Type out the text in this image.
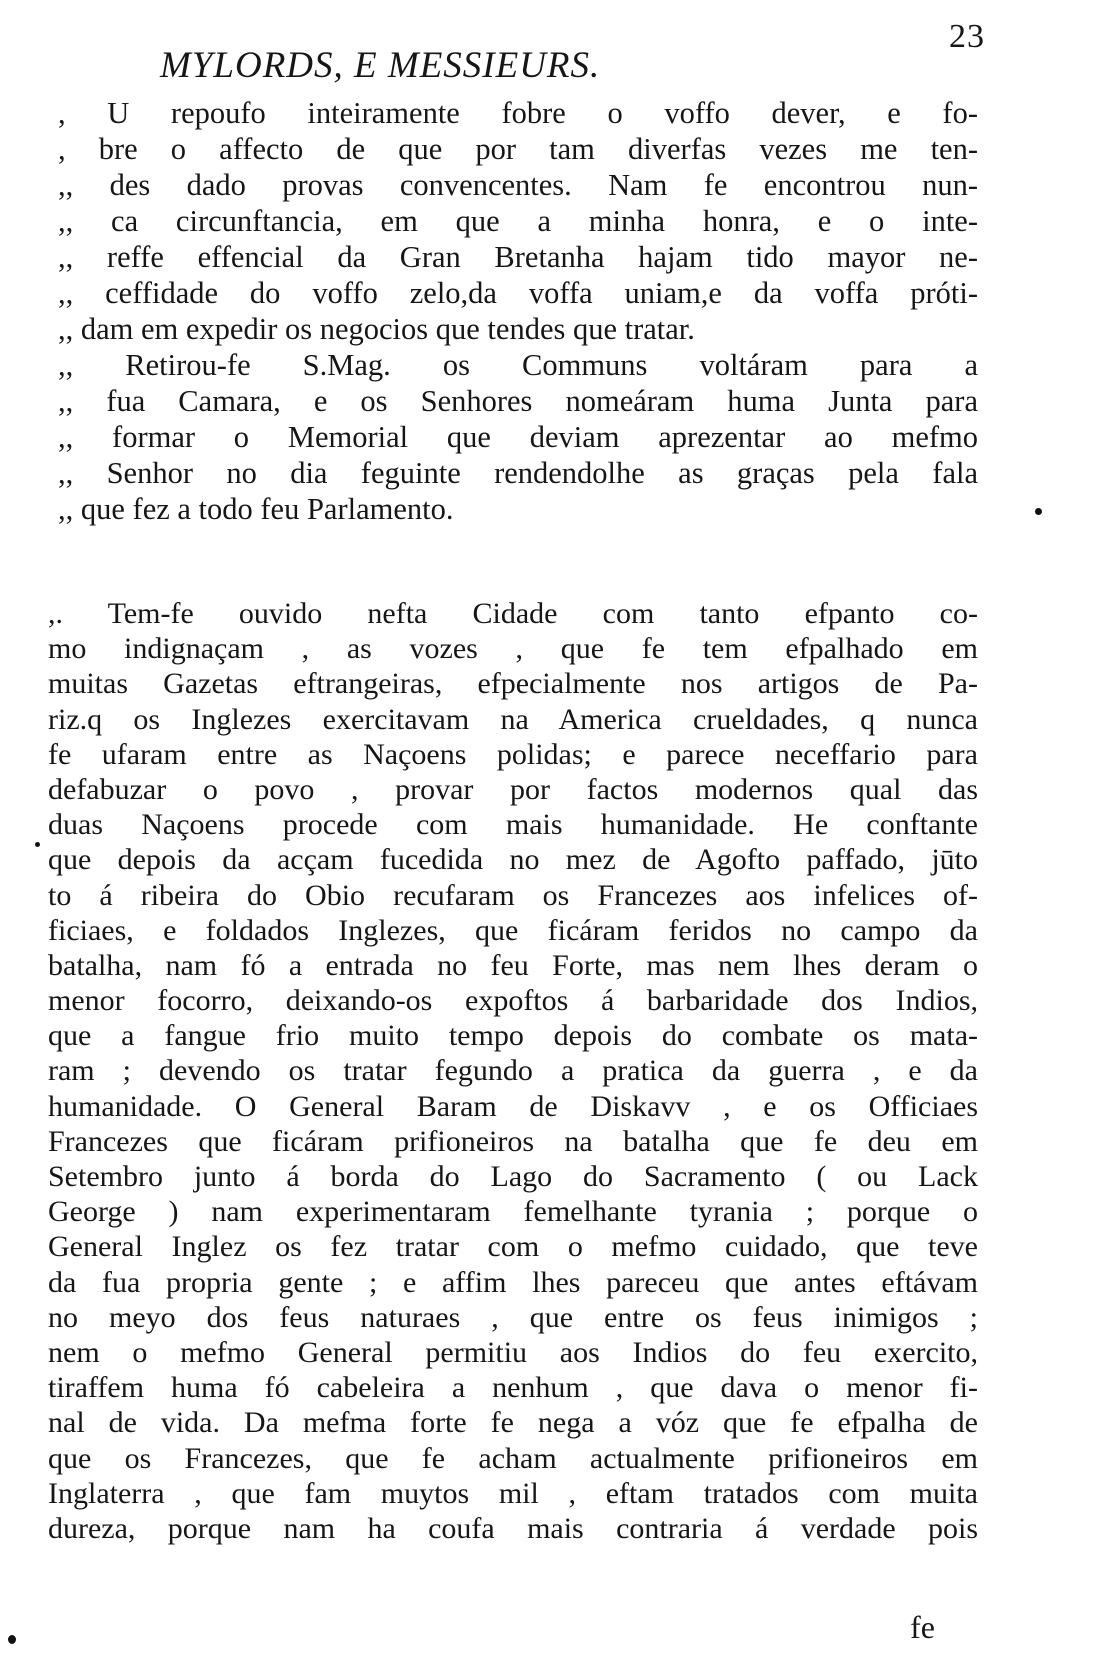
23
MYLORDS, E MESSIEURS.
, U repoufo inteiramente fobre o voffo dever, e fo-
, bre o affecto de que por tam diverfas vezes me ten-
,, des dado provas convencentes. Nam fe encontrou nun-
,, ca circunftancia, em que a minha honra, e o inte-
,, reffe effencial da Gran Bretanha hajam tido mayor ne-
,, ceffidade do voffo zelo,da voffa uniam,e da voffa próti-
,, dam em expedir os negocios que tendes que tratar.
,, Retirou-fe S.Mag. os Communs voltáram para a
,, fua Camara, e os Senhores nomeáram huma Junta para
,, formar o Memorial que deviam aprezentar ao mefmo
,, Senhor no dia feguinte rendendolhe as graças pela fala
,, que fez a todo feu Parlamento.
,. Tem-fe ouvido nefta Cidade com tanto efpanto co-
mo indignaçam , as vozes , que fe tem efpalhado em
muitas Gazetas eftrangeiras, efpecialmente nos artigos de Pa-
riz.q os Inglezes exercitavam na America crueldades, q nunca
fe ufaram entre as Naçoens polidas; e parece neceffario para
defabuzar o povo , provar por factos modernos qual das
duas Naçoens procede com mais humanidade. He conftante
que depois da acçam fucedida no mez de Agofto paffado, jūto
to á ribeira do Obio recufaram os Francezes aos infelices of-
ficiaes, e foldados Inglezes, que ficáram feridos no campo da
batalha, nam fó a entrada no feu Forte, mas nem lhes deram o
menor focorro, deixando-os expoftos á barbaridade dos Indios,
que a fangue frio muito tempo depois do combate os mata-
ram ; devendo os tratar fegundo a pratica da guerra , e da
humanidade. O General Baram de Diskavv , e os Officiaes
Francezes que ficáram prifioneiros na batalha que fe deu em
Setembro junto á borda do Lago do Sacramento ( ou Lack
George ) nam experimentaram femelhante tyrania ; porque o
General Inglez os fez tratar com o mefmo cuidado, que teve
da fua propria gente ; e affim lhes pareceu que antes eftávam
no meyo dos feus naturaes , que entre os feus inimigos ;
nem o mefmo General permitiu aos Indios do feu exercito,
tiraffem huma fó cabeleira a nenhum , que dava o menor fi-
nal de vida. Da mefma forte fe nega a vóz que fe efpalha de
que os Francezes, que fe acham actualmente prifioneiros em
Inglaterra , que fam muytos mil , eftam tratados com muita
dureza, porque nam ha coufa mais contraria á verdade pois
fe
